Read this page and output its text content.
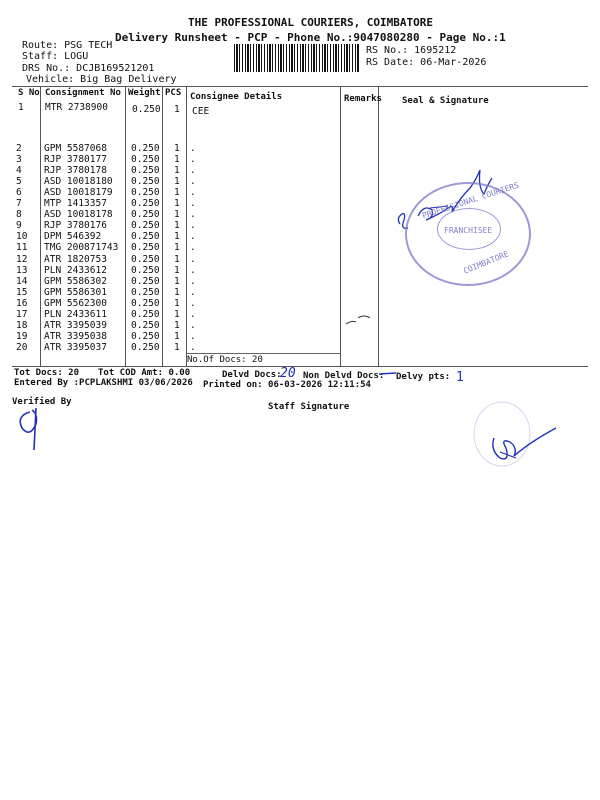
THE PROFESSIONAL COURIERS, COIMBATORE
Delivery Runsheet - PCP - Phone No.:9047080280 - Page No.:1
Route: PSG TECH
Staff: LOGU
DRS No.: DCJB169521201
Vehicle: Big Bag Delivery
RS No.: 1695212
RS Date: 06-Mar-2026
S No Consignment No Weight PCS Consignee Details	Remarks Seal & Signature
1 MTR 2738900	0.250 1 CEE
2 GPM 5587068	0.250 1 .
3 RJP 3780177	0.250 1 .
4 RJP 3780178	0.250 1 .
5 ASD 10018180 0.250 1 .
6 ASD 10018179 0.250 1 .
7 MTP 1413357	0.250 1 .
8 ASD 10018178 0.250 1 .
9 RJP 3780176	0.250 1 .
10 DPM 546392	0.250 1 .
11 TMG 200871743 0.250 1 .
12 ATR 1820753	0.250 1 .
13 PLN 2433612	0.250 1 .
14 GPM 5586302	0.250 1 .
15 GPM 5586301	0.250 1 .
16 GPM 5562300	0.250 1 .
17 PLN 2433611	0.250 1 .
18 ATR 3395039	0.250 1 .
19 ATR 3395038	0.250 1 .
20 ATR 3395037	0.250 1 .
No.Of Docs: 20
Tot Docs: 20 Tot COD Amt: 0.00	Delvd Docs: Non Delvd Docs: Delvy pts:
Entered By :PCPLAKSHMI 03/06/2026 Printed on: 06-03-2026 12:11:54
Verified By	Staff Signature
20	1
PROFESSIONAL COURIERS
FRANCHISEE
COIMBATORE
